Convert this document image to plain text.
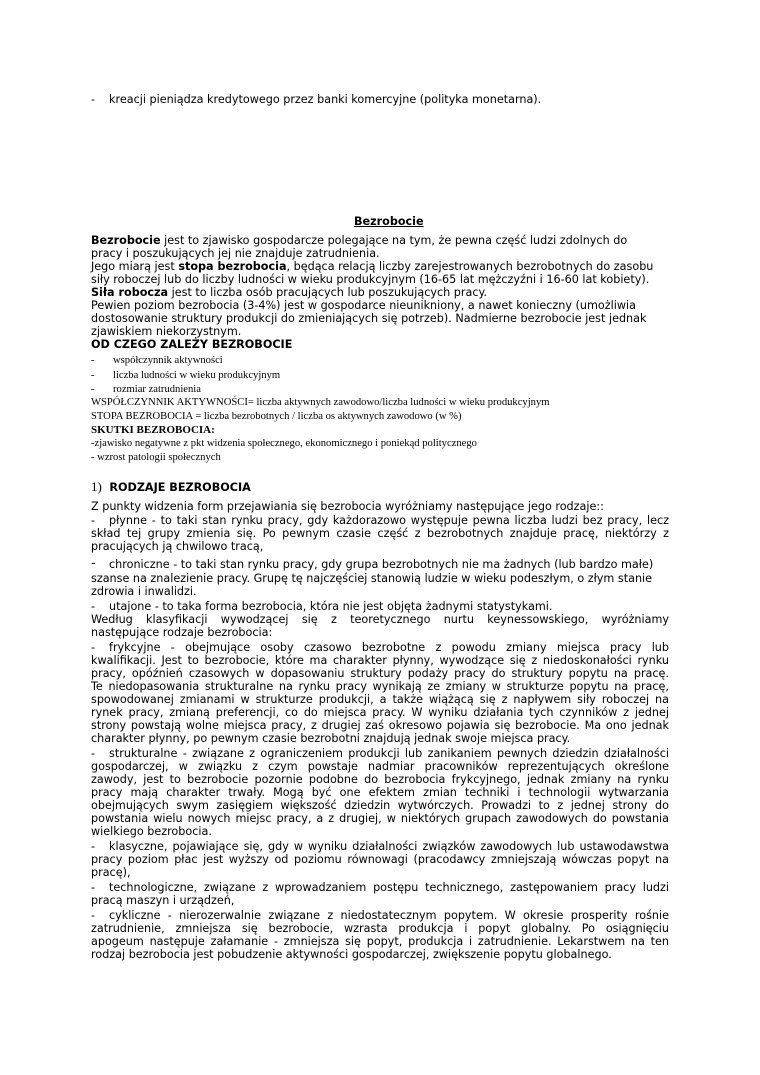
- kreacji pieniądza kredytowego przez banki komercyjne (polityka monetarna).
Bezrobocie
Bezrobocie jest to zjawisko gospodarcze polegające na tym, że pewna część ludzi zdolnych do
pracy i poszukujących jej nie znajduje zatrudnienia.
Jego miarą jest stopa bezrobocia, będąca relacją liczby zarejestrowanych bezrobotnych do zasobu
siły roboczej lub do liczby ludności w wieku produkcyjnym (16-65 lat mężczyźni i 16-60 lat kobiety).
Siła robocza jest to liczba osób pracujących lub poszukujących pracy.
Pewien poziom bezrobocia (3-4%) jest w gospodarce nieunikniony, a nawet konieczny (umożliwia
dostosowanie struktury produkcji do zmieniających się potrzeb). Nadmierne bezrobocie jest jednak
zjawiskiem niekorzystnym.
OD CZEGO ZALEŻY BEZROBOCIE
- współczynnik aktywności
- liczba ludności w wieku produkcyjnym
- rozmiar zatrudnienia
WSPÓŁCZYNNIK AKTYWNOŚCI= liczba aktywnych zawodowo/liczba ludności w wieku produkcyjnym
STOPA BEZROBOCIA = liczba bezrobotnych / liczba os aktywnych zawodowo (w %)
SKUTKI BEZROBOCIA:
-zjawisko negatywne z pkt widzenia społecznego, ekonomicznego i poniekąd politycznego
- wzrost patologii społecznych
1) RODZAJE BEZROBOCIA
Z punkty widzenia form przejawiania się bezrobocia wyróżniamy następujące jego rodzaje::
- płynne - to taki stan rynku pracy, gdy każdorazowo występuje pewna liczba ludzi bez pracy, lecz
skład tej grupy zmienia się. Po pewnym czasie część z bezrobotnych znajduje pracę, niektórzy z
pracujących ją chwilowo tracą,
- chroniczne - to taki stan rynku pracy, gdy grupa bezrobotnych nie ma żadnych (lub bardzo małe)
szanse na znalezienie pracy. Grupę tę najczęściej stanowią ludzie w wieku podeszłym, o złym stanie
zdrowia i inwalidzi.
- utajone - to taka forma bezrobocia, która nie jest objęta żadnymi statystykami.
Według klasyfikacji wywodzącej się z teoretycznego nurtu keynessowskiego, wyróżniamy
następujące rodzaje bezrobocia:
- frykcyjne - obejmujące osoby czasowo bezrobotne z powodu zmiany miejsca pracy lub
kwalifikacji. Jest to bezrobocie, które ma charakter płynny, wywodzące się z niedoskonałości rynku
pracy, opóźnień czasowych w dopasowaniu struktury podaży pracy do struktury popytu na pracę.
Te niedopasowania strukturalne na rynku pracy wynikają ze zmiany w strukturze popytu na pracę,
spowodowanej zmianami w strukturze produkcji, a także wiążącą się z napływem siły roboczej na
rynek pracy, zmianą preferencji, co do miejsca pracy. W wyniku działania tych czynników z jednej
strony powstają wolne miejsca pracy, z drugiej zaś okresowo pojawia się bezrobocie. Ma ono jednak
charakter płynny, po pewnym czasie bezrobotni znajdują jednak swoje miejsca pracy.
- strukturalne - związane z ograniczeniem produkcji lub zanikaniem pewnych dziedzin działalności
gospodarczej, w związku z czym powstaje nadmiar pracowników reprezentujących określone
zawody, jest to bezrobocie pozornie podobne do bezrobocia frykcyjnego, jednak zmiany na rynku
pracy mają charakter trwały. Mogą być one efektem zmian techniki i technologii wytwarzania
obejmujących swym zasięgiem większość dziedzin wytwórczych. Prowadzi to z jednej strony do
powstania wielu nowych miejsc pracy, a z drugiej, w niektórych grupach zawodowych do powstania
wielkiego bezrobocia.
- klasyczne, pojawiające się, gdy w wyniku działalności związków zawodowych lub ustawodawstwa
pracy poziom płac jest wyższy od poziomu równowagi (pracodawcy zmniejszają wówczas popyt na
pracę),
- technologiczne, związane z wprowadzaniem postępu technicznego, zastępowaniem pracy ludzi
pracą maszyn i urządzeń,
- cykliczne - nierozerwalnie związane z niedostatecznym popytem. W okresie prosperity rośnie
zatrudnienie, zmniejsza się bezrobocie, wzrasta produkcja i popyt globalny. Po osiągnięciu
apogeum następuje załamanie - zmniejsza się popyt, produkcja i zatrudnienie. Lekarstwem na ten
rodzaj bezrobocia jest pobudzenie aktywności gospodarczej, zwiększenie popytu globalnego.
